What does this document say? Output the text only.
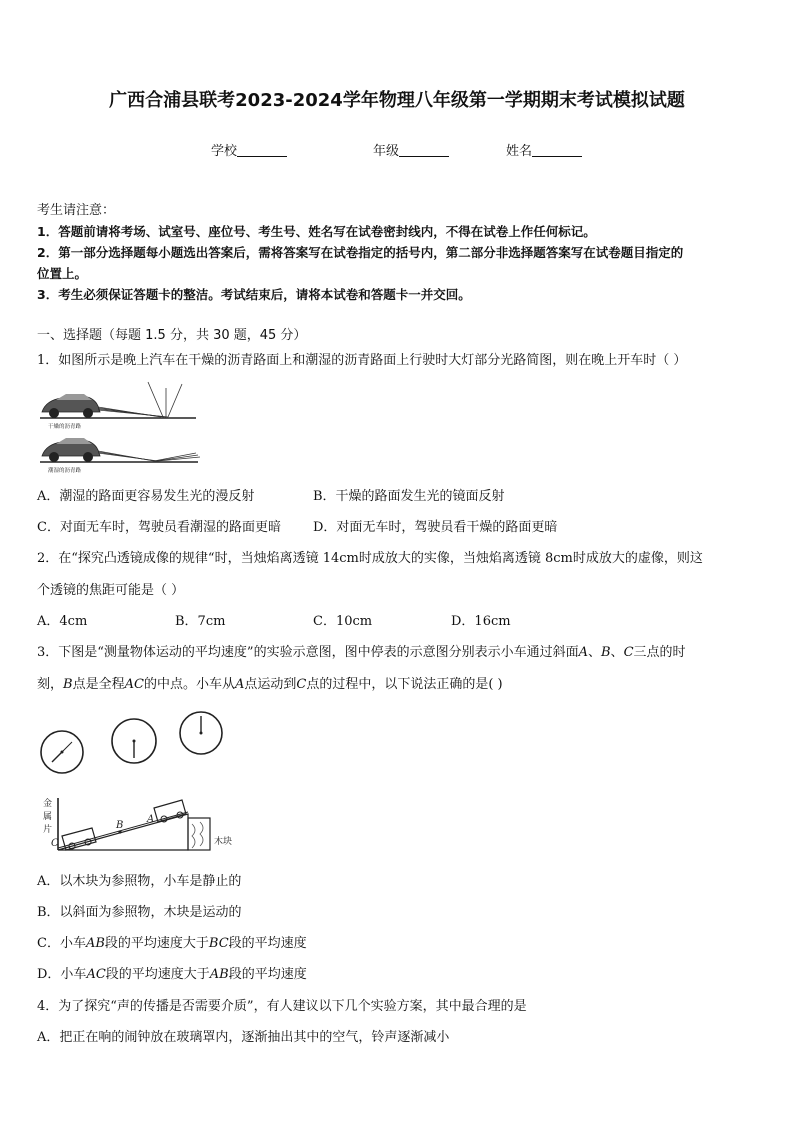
广西合浦县联考2023-2024学年物理八年级第一学期期末考试模拟试题
学校	年级	姓名
考生请注意：
1．答题前请将考场、试室号、座位号、考生号、姓名写在试卷密封线内，不得在试卷上作任何标记。
2．第一部分选择题每小题选出答案后，需将答案写在试卷指定的括号内，第二部分非选择题答案写在试卷题目指定的
位置上。
3．考生必须保证答题卡的整洁。考试结束后，请将本试卷和答题卡一并交回。
一、选择题（每题 1.5 分，共 30 题，45 分）
1．如图所示是晚上汽车在干燥的沥青路面上和潮湿的沥青路面上行驶时大灯部分光路简图，则在晚上开车时（ ）
干燥的沥青路
潮湿的沥青路
A．潮湿的路面更容易发生光的漫反射	B．干燥的路面发生光的镜面反射
C．对面无车时，驾驶员看潮湿的路面更暗 D．对面无车时，驾驶员看干燥的路面更暗
2．在“探究凸透镜成像的规律“时，当烛焰离透镜 14cm时成放大的实像，当烛焰离透镜 8cm时成放大的虚像，则这
个透镜的焦距可能是（ ）
A．4cm	B．7cm	C．10cm	D．16cm
3．下图是“测量物体运动的平均速度”的实验示意图，图中停表的示意图分别表示小车通过斜面A、B、C三点的时
刻，B点是全程AC的中点。小车从A点运动到C点的过程中，以下说法正确的是( )
金
属
片
木块
A
B
C
A．以木块为参照物，小车是静止的
B．以斜面为参照物，木块是运动的
C．小车AB段的平均速度大于BC段的平均速度
D．小车AC段的平均速度大于AB段的平均速度
4．为了探究“声的传播是否需要介质”，有人建议以下几个实验方案，其中最合理的是
A．把正在响的闹钟放在玻璃罩内，逐渐抽出其中的空气，铃声逐渐减小
